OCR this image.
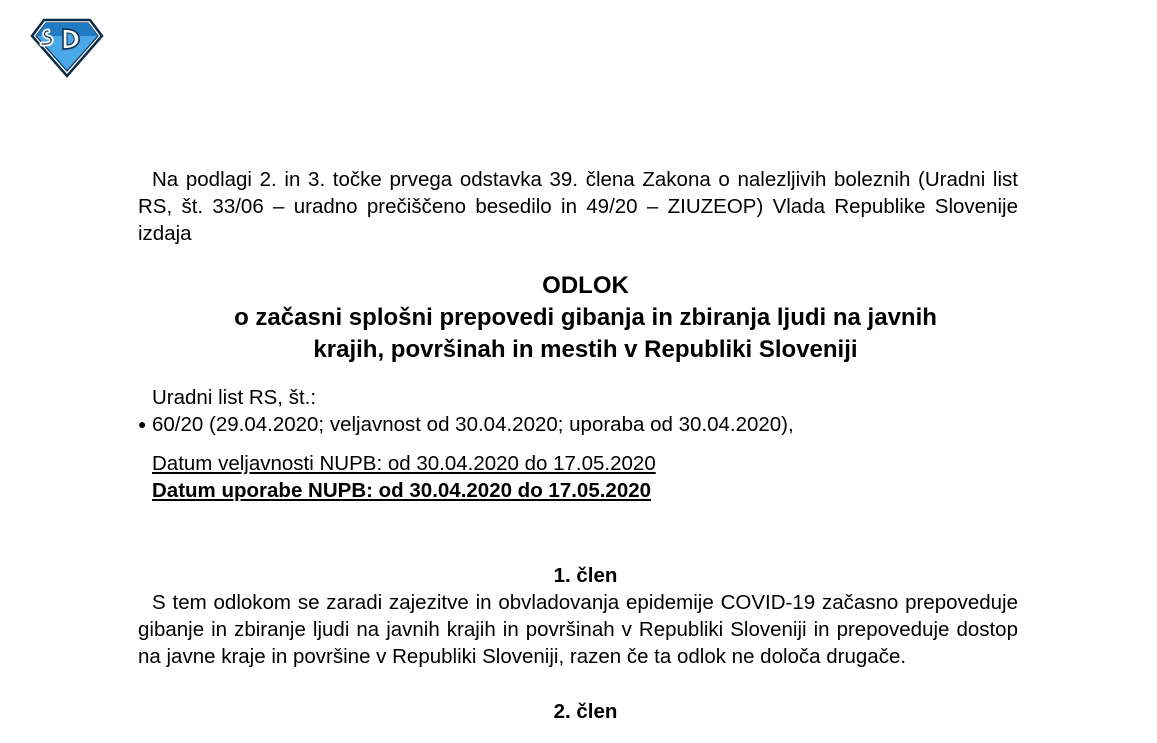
Na podlagi 2. in 3. točke prvega odstavka 39. člena Zakona o nalezljivih boleznih (Uradni list RS, št. 33/06 – uradno prečiščeno besedilo in 49/20 – ZIUZEOP) Vlada Republike Slovenije izdaja

ODLOK
o začasni splošni prepovedi gibanja in zbiranja ljudi na javnih
krajih, površinah in mestih v Republiki Sloveniji
Uradni list RS, št.:
● 60/20 (29.04.2020; veljavnost od 30.04.2020; uporaba od 30.04.2020),
Datum veljavnosti NUPB: od 30.04.2020 do 17.05.2020
Datum uporabe NUPB: od 30.04.2020 do 17.05.2020
1. člen

S tem odlokom se zaradi zajezitve in obvladovanja epidemije COVID-19 začasno prepoveduje gibanje in zbiranje ljudi na javnih krajih in površinah v Republiki Sloveniji in prepoveduje dostop na javne kraje in površine v Republiki Sloveniji, razen če ta odlok ne določa drugače.

2. člen
